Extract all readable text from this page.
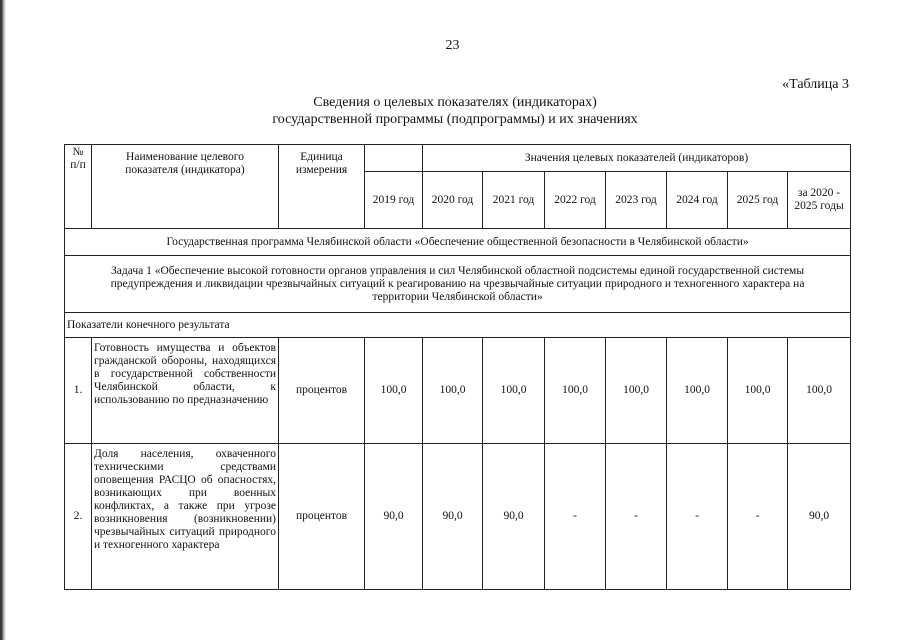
23
«Таблица 3
Сведения о целевых показателях (индикаторах)
государственной программы (подпрограммы) и их значениях
№ п/п	Наименование целевого показателя (индикатора)	Единица измерения		Значения целевых показателей (индикаторов)						
			2019 год	2020 год	2021 год	2022 год	2023 год	2024 год	2025 год	за 2020 - 2025 годы
Государственная программа Челябинской области «Обеспечение общественной безопасности в Челябинской области»										
Задача 1 «Обеспечение высокой готовности органов управления и сил Челябинской областной подсистемы единой государственной системы предупреждения и ликвидации чрезвычайных ситуаций к реагированию на чрезвычайные ситуации природного и техногенного характера на территории Челябинской области»										
Показатели конечного результата										
1.	Готовность имущества и объектов гражданской обороны, находящихся в государственной собственности Челябинской области, к использованию по предназначению	процентов	100,0	100,0	100,0	100,0	100,0	100,0	100,0	100,0
2.	Доля населения, охваченного техническими средствами оповещения РАСЦО об опасностях, возникающих при военных конфликтах, а также при угрозе возникновения (возникновении) чрезвычайных ситуаций природного и техногенного характера	процентов	90,0	90,0	90,0	-	-	-	-	90,0
